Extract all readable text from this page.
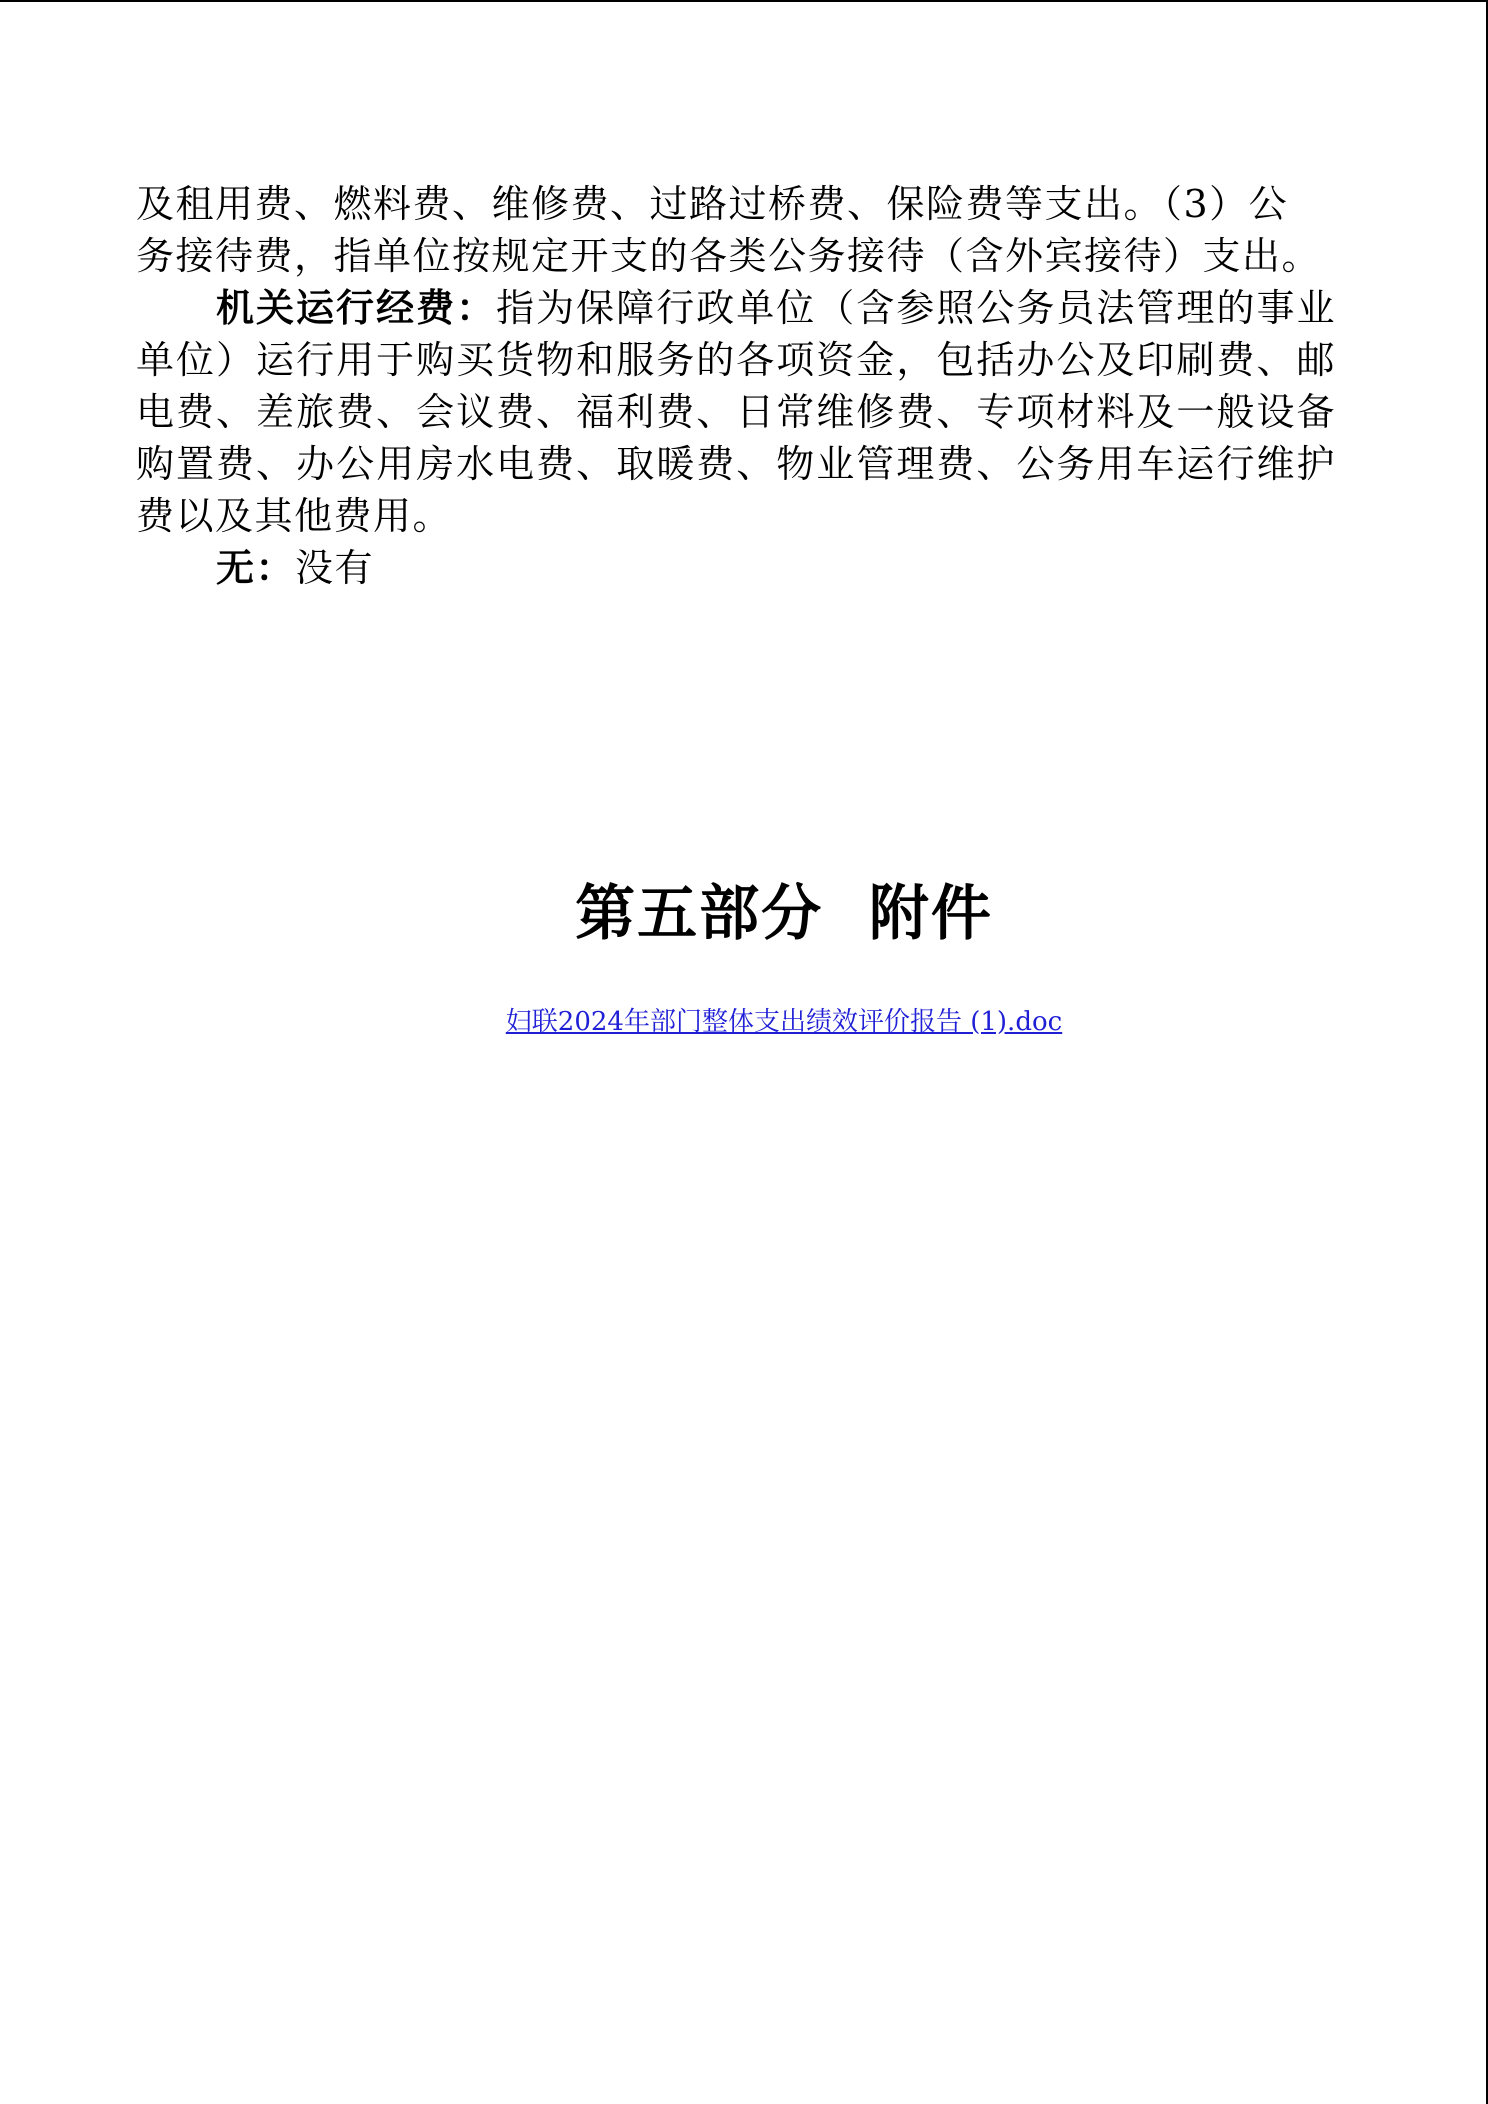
及租用费、燃料费、维修费、过路过桥费、保险费等支出。（3）公

务接待费，指单位按规定开支的各类公务接待（含外宾接待）支出。

机关运行经费：指为保障行政单位（含参照公务员法管理的事业单位）运行用于购买货物和服务的各项资金，包括办公及印刷费、邮电费、差旅费、会议费、福利费、日常维修费、专项材料及一般设备购置费、办公用房水电费、取暖费、物业管理费、公务用车运行维护费以及其他费用。

无：没有

第五部分  附件
妇联2024年部门整体支出绩效评价报告 (1).doc
